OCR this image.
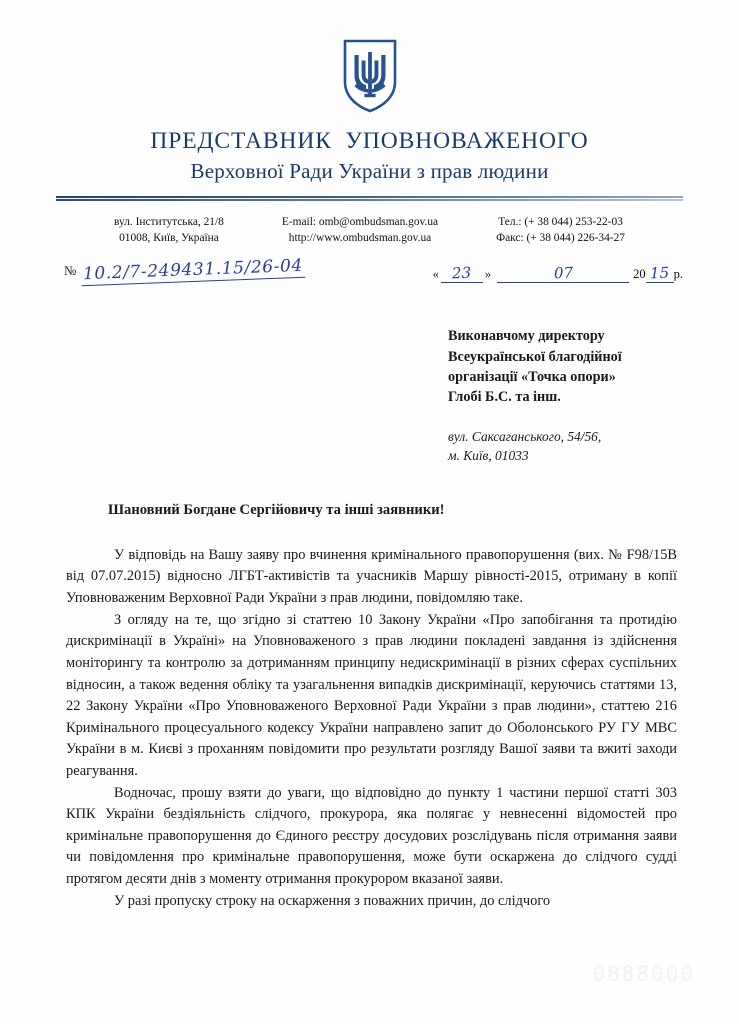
ПРЕДСТАВНИК  УПОВНОВАЖЕНОГО
Верховної Ради України з прав людини
вул. Інститутська, 21/8
01008, Київ, Україна
E-mail: omb@ombudsman.gov.ua
http://www.ombudsman.gov.ua
Тел.: (+ 38 044) 253-22-03
Факс: (+ 38 044) 226-34-27
№ 10.2/7-249431.15/26-04	« 23	»	07	20 15 р.
Виконавчому директору
Всеукраїнської благодійної
організації «Точка опори»
Глобі Б.С. та інш.
вул. Саксаганського, 54/56,
м. Київ, 01033
Шановний Богдане Сергійовичу та інші заявники!

У відповідь на Вашу заяву про вчинення кримінального правопорушення (вих. № F98/15В від 07.07.2015) відносно ЛГБТ-активістів та учасників Маршу рівності-2015, отриману в копії Уповноваженим Верховної Ради України з прав людини, повідомляю таке.

З огляду на те, що згідно зі статтею 10 Закону України «Про запобігання та протидію дискримінації в Україні» на Уповноваженого з прав людини покладені завдання із здійснення моніторингу та контролю за дотриманням принципу недискримінації в різних сферах суспільних відносин, а також ведення обліку та узагальнення випадків дискримінації, керуючись статтями 13, 22 Закону України «Про Уповноваженого Верховної Ради України з прав людини», статтею 216 Кримінального процесуального кодексу України направлено запит до Оболонського РУ ГУ МВС України в м. Києві з проханням повідомити про результати розгляду Вашої заяви та вжиті заходи реагування.

Водночас, прошу взяти до уваги, що відповідно до пункту 1 частини першої статті 303 КПК України бездіяльність слідчого, прокурора, яка полягає у невнесенні відомостей про кримінальне правопорушення до Єдиного реєстру досудових розслідувань після отримання заяви чи повідомлення про кримінальне правопорушення, може бути оскаржена до слідчого судді протягом десяти днів з моменту отримання прокурором вказаної заяви.

У разі пропуску строку на оскарження з поважних причин, до слідчого

0888000
